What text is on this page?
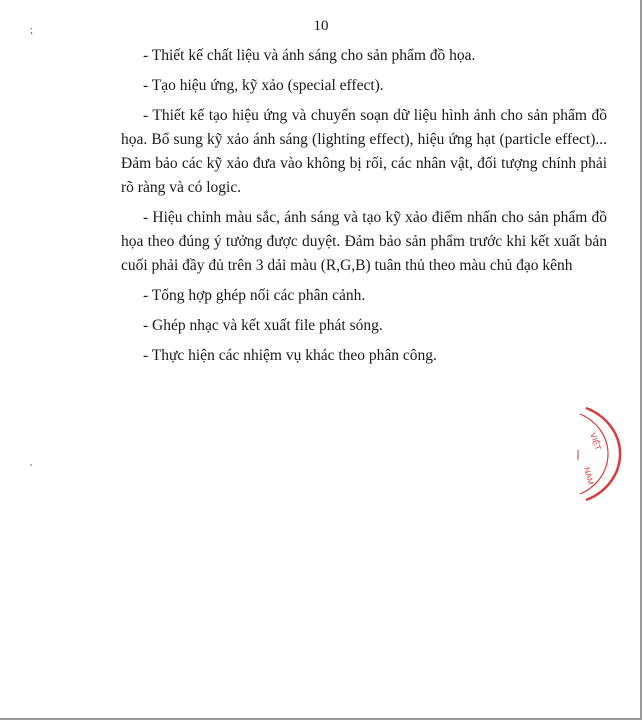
10
;
'

- Thiết kế chất liệu và ánh sáng cho sản phẩm đồ họa.

- Tạo hiệu ứng, kỹ xảo (special effect).

- Thiết kế tạo hiệu ứng và chuyển soạn dữ liệu hình ảnh cho sản phẩm đồ họa. Bổ sung kỹ xảo ánh sáng (lighting effect), hiệu ứng hạt (particle effect)... Đảm bảo các kỹ xảo đưa vào không bị rối, các nhân vật, đối tượng chính phải rõ ràng và có logic.

- Hiệu chỉnh màu sắc, ánh sáng và tạo kỹ xảo điểm nhấn cho sản phẩm đồ họa theo đúng ý tưởng được duyệt. Đảm bảo sản phẩm trước khi kết xuất bản cuối phải đầy đủ trên 3 dải màu (R,G,B) tuân thủ theo màu chủ đạo kênh

- Tổng hợp ghép nối các phân cảnh.

- Ghép nhạc và kết xuất file phát sóng.

- Thực hiện các nhiệm vụ khác theo phân công.

VIỆT
NAM
